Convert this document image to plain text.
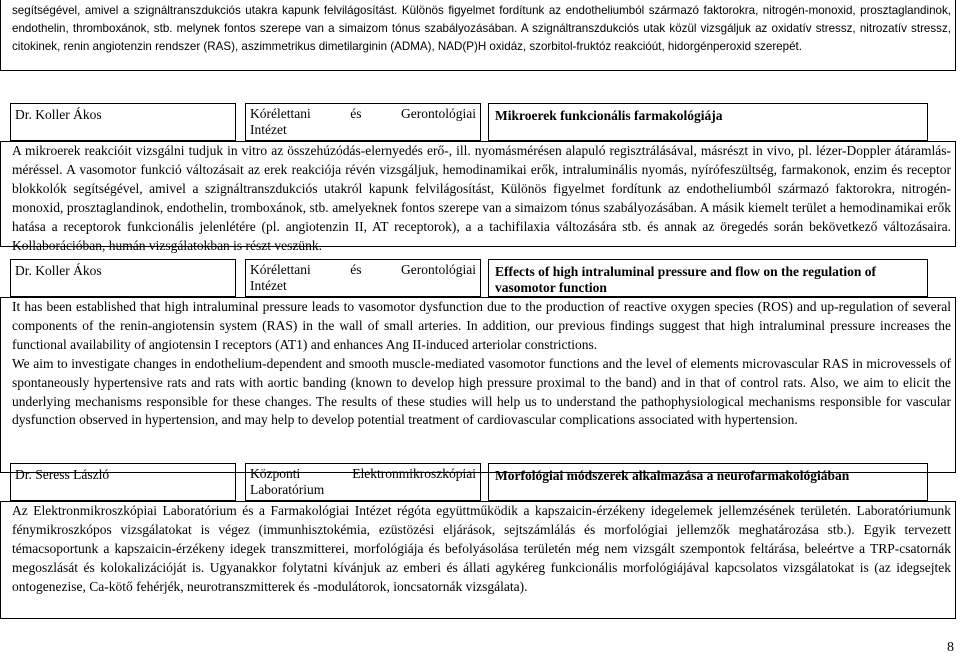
segítségével, amivel a szignáltranszdukciós utakra kapunk felvilágosítást. Különös figyelmet fordítunk az endotheliumból származó faktorokra, nitrogén-monoxid, prosztaglandinok, endothelin, thromboxánok, stb. melynek fontos szerepe van a simaizom tónus szabályozásában. A szignáltranszdukciós utak közül vizsgáljuk az oxidatív stressz, nitrozatív stressz, citokinek, renin angiotenzin rendszer (RAS), aszimmetrikus dimetilarginin (ADMA), NAD(P)H oxidáz, szorbitol-fruktóz reakcióút, hidorgénperoxid szerepét.
Dr. Koller Ákos	Kórélettani és Gerontológiai
Intézet
Mikroerek funkcionális farmakológiája
A mikroerek reakcióit vizsgálni tudjuk in vitro az összehúzódás-elernyedés erő-, ill. nyomásmérésen alapuló regisztrálásával, másrészt in vivo, pl. lézer-Doppler átáramlás-méréssel. A vasomotor funkció változásait az erek reakciója révén vizsgáljuk, hemodinamikai erők, intraluminális nyomás, nyírófeszültség, farmakonok, enzim és receptor blokkolók segítségével, amivel a szignáltranszdukciós utakról kapunk felvilágosítást, Különös figyelmet fordítunk az endotheliumból származó faktorokra, nitrogén-monoxid, prosztaglandinok, endothelin, tromboxánok, stb. amelyeknek fontos szerepe van a simaizom tónus szabályozásában. A másik kiemelt terület a hemodinamikai erők hatása a receptorok funkcionális jelenlétére (pl. angiotenzin II, AT receptorok), a a tachifilaxia változására stb. és annak az öregedés során bekövetkező változásaira. Kollaborációban, humán vizsgálatokban is részt veszünk.
Dr. Koller Ákos	Kórélettani és Gerontológiai
Intézet
Effects of high intraluminal pressure and flow on the regulation of vasomotor function
It has been established that high intraluminal pressure leads to vasomotor dysfunction due to the production of reactive oxygen species (ROS) and up-regulation of several components of the renin-angiotensin system (RAS) in the wall of small arteries. In addition, our previous findings suggest that high intraluminal pressure increases the functional availability of angiotensin I receptors (AT1) and enhances Ang II-induced arteriolar constrictions.
We aim to investigate changes in endothelium-dependent and smooth muscle-mediated vasomotor functions and the level of elements microvascular RAS in microvessels of spontaneously hypertensive rats and rats with aortic banding (known to develop high pressure proximal to the band) and in that of control rats. Also, we aim to elicit the underlying mechanisms responsible for these changes. The results of these studies will help us to understand the pathophysiological mechanisms responsible for vascular dysfunction observed in hypertension, and may help to develop potential treatment of cardiovascular complications associated with hypertension.
Dr. Seress László	Központi Elektronmikroszkópiai
Laboratórium
Morfológiai módszerek alkalmazása a neurofarmakológiában
Az Elektronmikroszkópiai Laboratórium és a Farmakológiai Intézet régóta együttműködik a kapszaicin-érzékeny idegelemek jellemzésének területén. Laboratóriumunk fénymikroszkópos vizsgálatokat is végez (immunhisztokémia, ezüstözési eljárások, sejtszámlálás és morfológiai jellemzők meghatározása stb.). Egyik tervezett témacsoportunk a kapszaicin-érzékeny idegek transzmitterei, morfológiája és befolyásolása területén még nem vizsgált szempontok feltárása, beleértve a TRP-csatornák megoszlását és kolokalizációját is. Ugyanakkor folytatni kívánjuk az emberi és állati agykéreg funkcionális morfológiájával kapcsolatos vizsgálatokat is (az idegsejtek ontogenezise, Ca-kötő fehérjék, neurotranszmitterek és -modulátorok, ioncsatornák vizsgálata).
8
